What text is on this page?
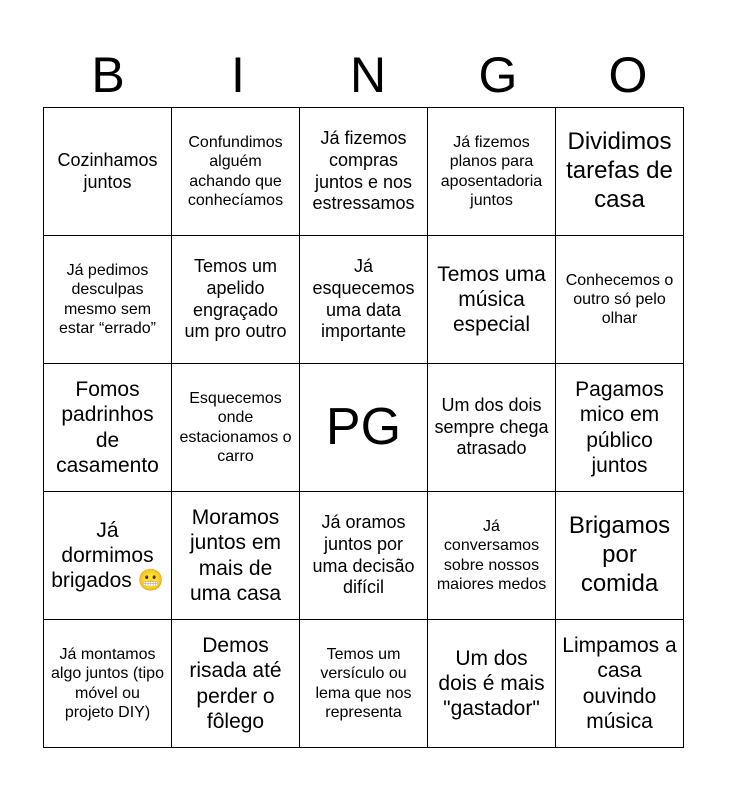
B	I	N	G	O
Cozinhamos juntos	Confundimos alguém achando que conhecíamos	Já fizemos compras juntos e nos estressamos	Já fizemos planos para aposentadoria juntos	Dividimos tarefas de casa
Já pedimos desculpas mesmo sem estar “errado”	Temos um apelido engraçado um pro outro	Já esquecemos uma data importante	Temos uma música especial	Conhecemos o outro só pelo olhar
Fomos padrinhos de casamento	Esquecemos onde estacionamos o carro	PG	Um dos dois sempre chega atrasado	Pagamos mico em público juntos
Já dormimos brigados 😬	Moramos juntos em mais de uma casa	Já oramos juntos por uma decisão difícil	Já conversamos sobre nossos maiores medos	Brigamos por comida
Já montamos algo juntos (tipo móvel ou projeto DIY)	Demos risada até perder o fôlego	Temos um versículo ou lema que nos representa	Um dos dois é mais "gastador"	Limpamos a casa ouvindo música
